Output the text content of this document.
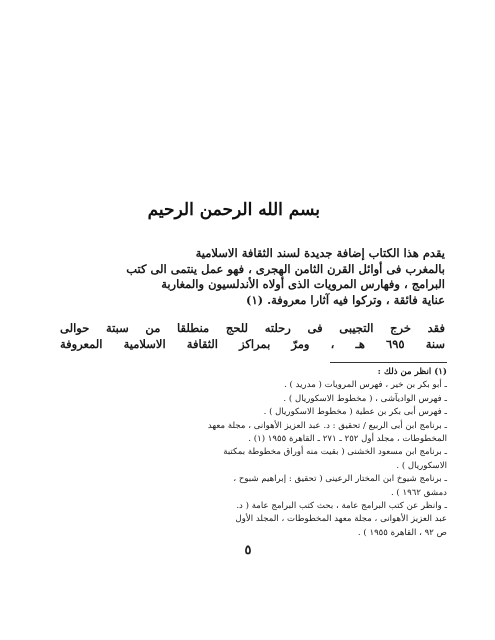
بسم الله الرحمن الرحيم
يقدم هذا الكتاب إضافة جديدة لسند الثقافة الاسلامية
بالمغرب فى أوائل القرن الثامن الهجرى ، فهو عمل ينتمى الى كتب
البرامج ، وفهارس المرويات الذى أولاه الأندلسيون والمغاربة
عناية فائقة ، وتركوا فيه آثارا معروفة. (١)
فقد خرج التجيبى فى رحلته للحج منطلقا من سبتة حوالى
سنة ٦٩٥ هـ ، ومرّ بمراكز الثقافة الاسلامية المعروفة
(١) انظر من ذلك :
ـ أبو بكر بن خير ، فهرس المرويات ( مدريد ) .
ـ فهرس الواديآشى ، ( مخطوط الاسكوريال ) .
ـ فهرس أبى بكر بن عطية ( مخطوط الاسكوريال ) .
ـ برنامج ابن أبى الربيع / تحقيق : د. عبد العزيز الأهوانى ، مجلة معهد
المخطوطات ، مجلد أول ٢٥٢ ـ ٢٧١ ـ القاهرة ١٩٥٥ (١) .
ـ برنامج ابن مسعود الخشنى ( بقيت منه أوراق مخطوطة بمكتبة
الاسكوريال ) .
ـ برنامج شيوخ ابن المختار الرعينى ( تحقيق : إبراهيم شبوح ،
دمشق ١٩٦٢ ) .
ـ وانظر عن كتب البرامج عامة ، بحث كتب البرامج عامة ( د.
عبد العزيز الأهوانى ، مجلة معهد المخطوطات ، المجلد الأول
ص ٩٢ ، القاهرة ١٩٥٥ ) .
٥
